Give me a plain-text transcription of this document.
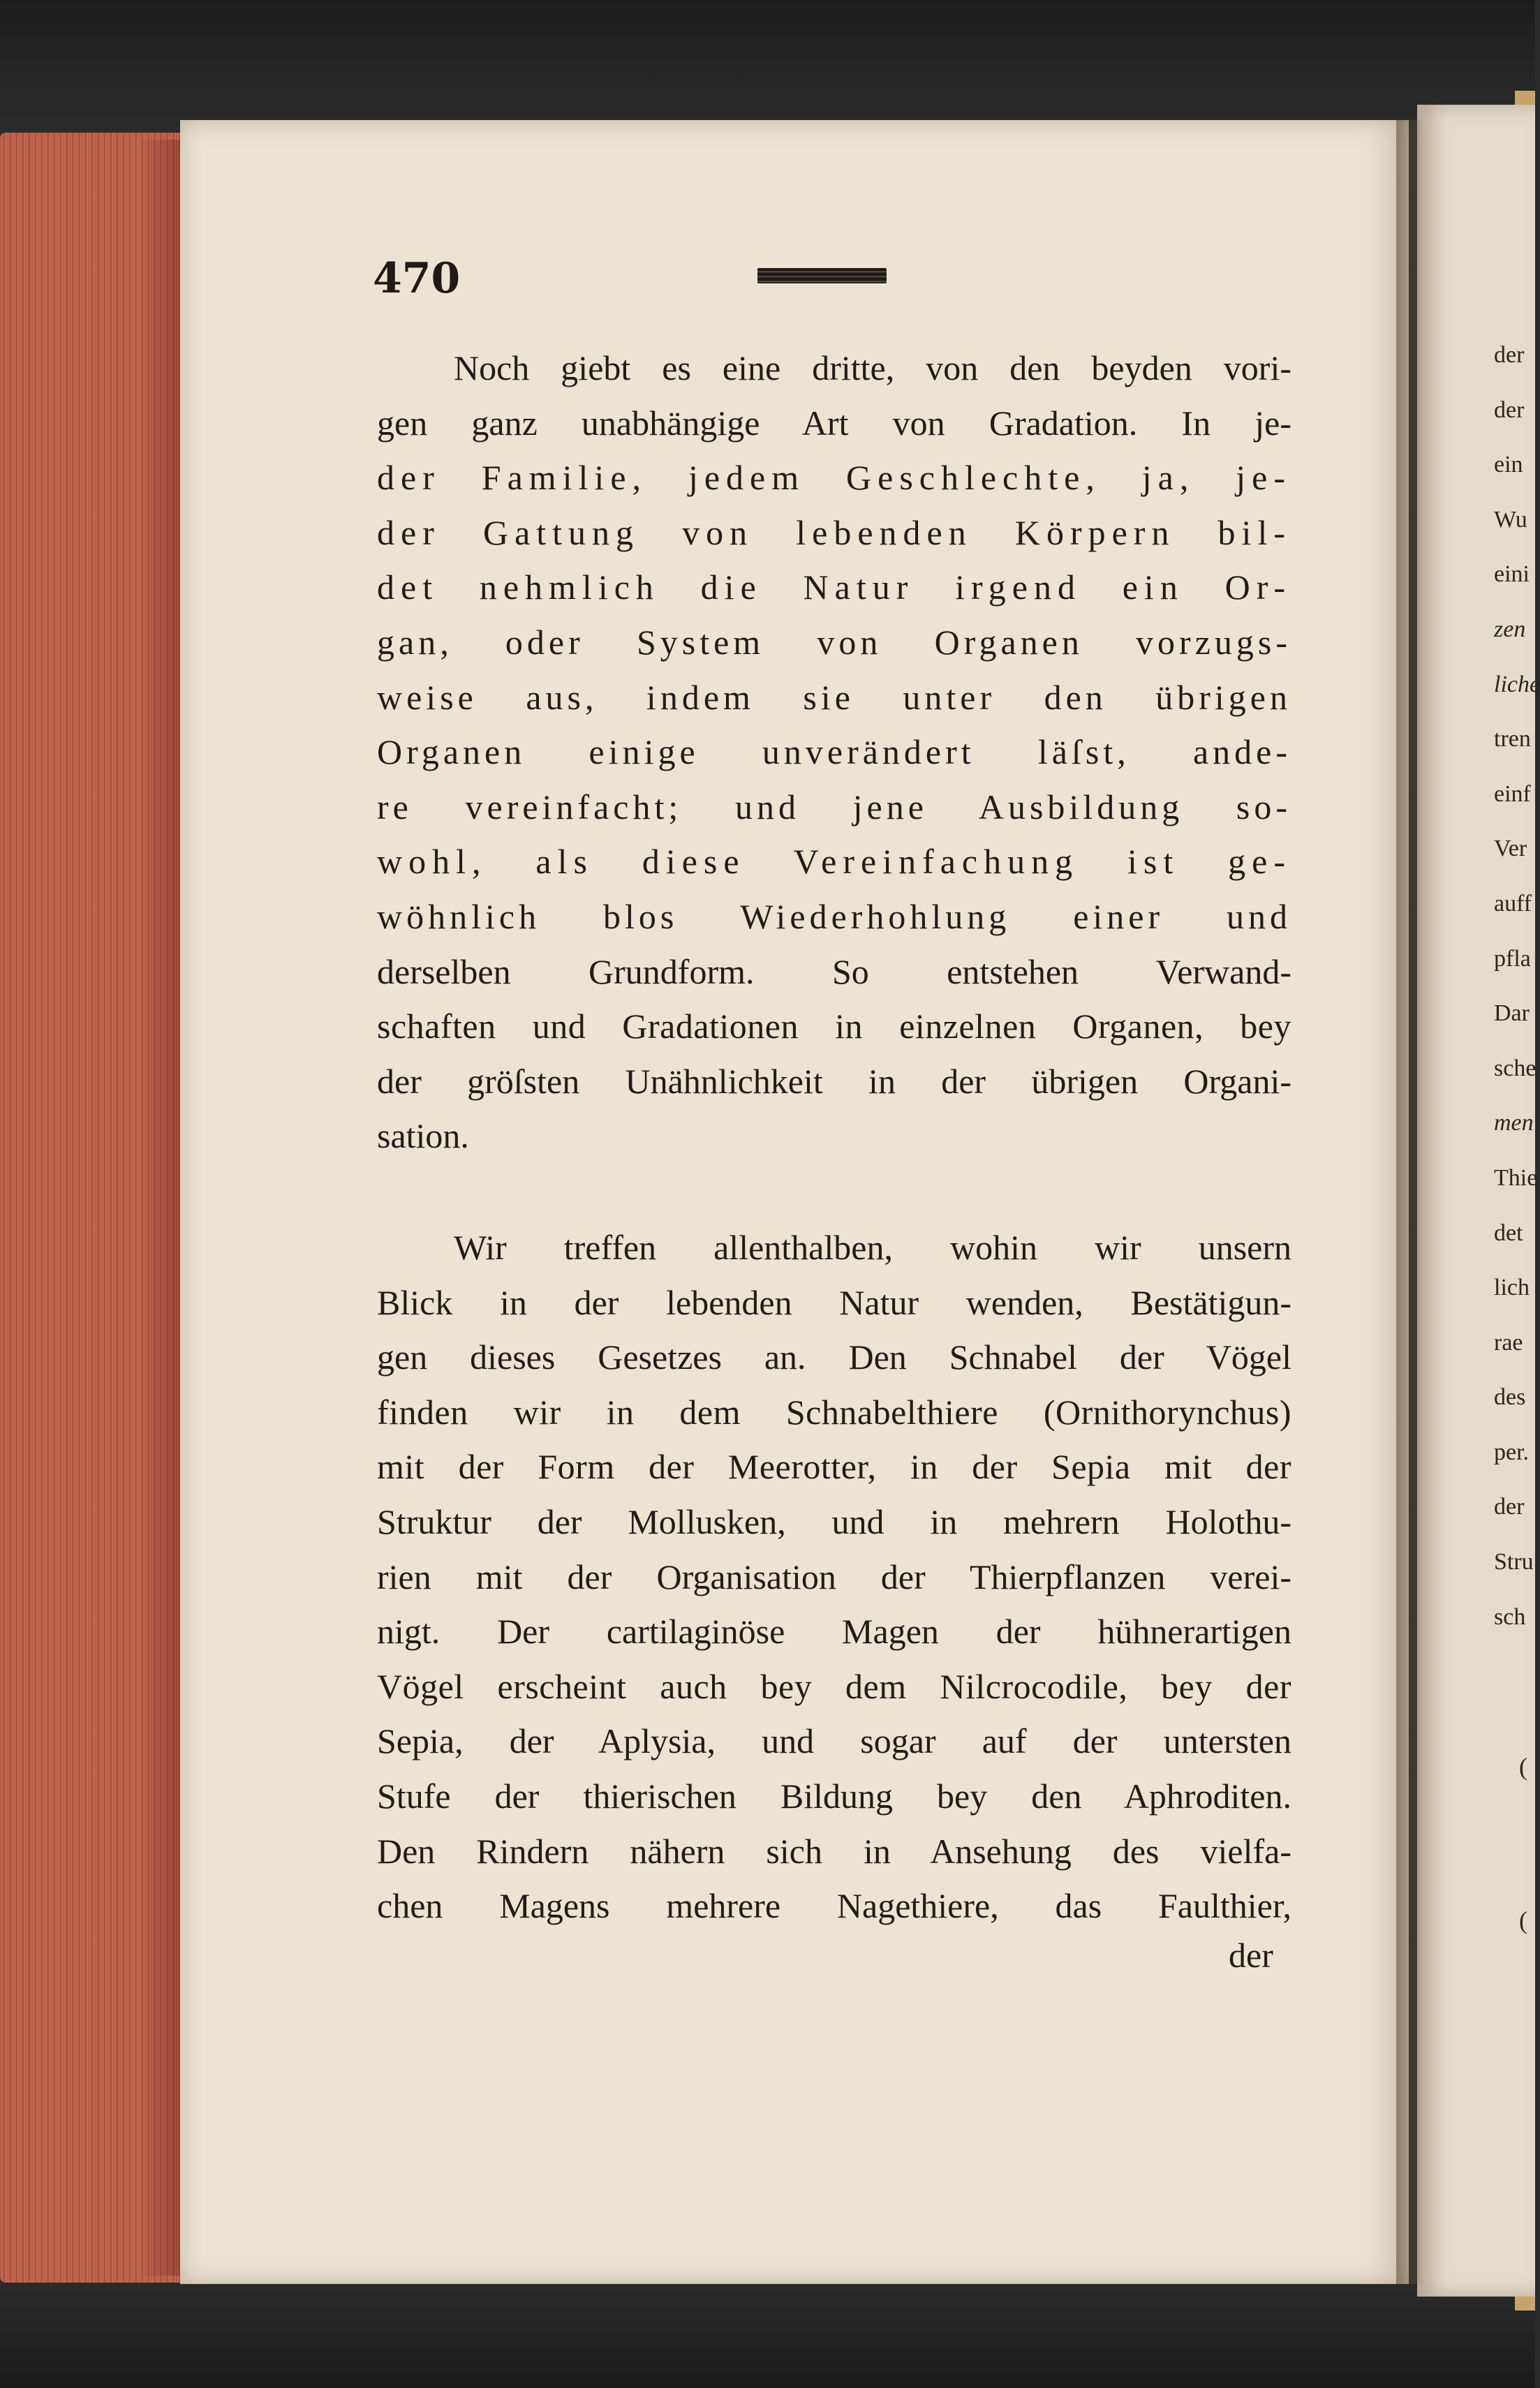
470
Noch giebt es eine dritte, von den beyden vori-
gen ganz unabhängige Art von Gradation. In je-
der Familie, jedem Geschlechte, ja, je-
der Gattung von lebenden Körpern bil-
det nehmlich die Natur irgend ein Or-
gan, oder System von Organen vorzugs-
weise aus, indem sie unter den übrigen
Organen einige unverändert läſst, ande-
re vereinfacht; und jene Ausbildung so-
wohl, als diese Vereinfachung ist ge-
wöhnlich blos Wiederhohlung einer und
derselben Grundform. So entstehen Verwand-
schaften und Gradationen in einzelnen Organen, bey
der gröſsten Unähnlichkeit in der übrigen Organi-
sation.
Wir treffen allenthalben, wohin wir unsern
Blick in der lebenden Natur wenden, Bestätigun-
gen dieses Gesetzes an. Den Schnabel der Vögel
finden wir in dem Schnabelthiere (Ornithorynchus)
mit der Form der Meerotter, in der Sepia mit der
Struktur der Mollusken, und in mehrern Holothu-
rien mit der Organisation der Thierpflanzen verei-
nigt. Der cartilaginöse Magen der hühnerartigen
Vögel erscheint auch bey dem Nilcrocodile, bey der
Sepia, der Aplysia, und sogar auf der untersten
Stufe der thierischen Bildung bey den Aphroditen.
Den Rindern nähern sich in Ansehung des vielfa-
chen Magens mehrere Nagethiere, das Faulthier,
der
der
der
ein
Wu
eini
zen
liche
tren
einf
Ver
auff
pfla
Dar
sche
men
Thie
det
lich
rae
des
per.
der
Stru
sch
(
(
